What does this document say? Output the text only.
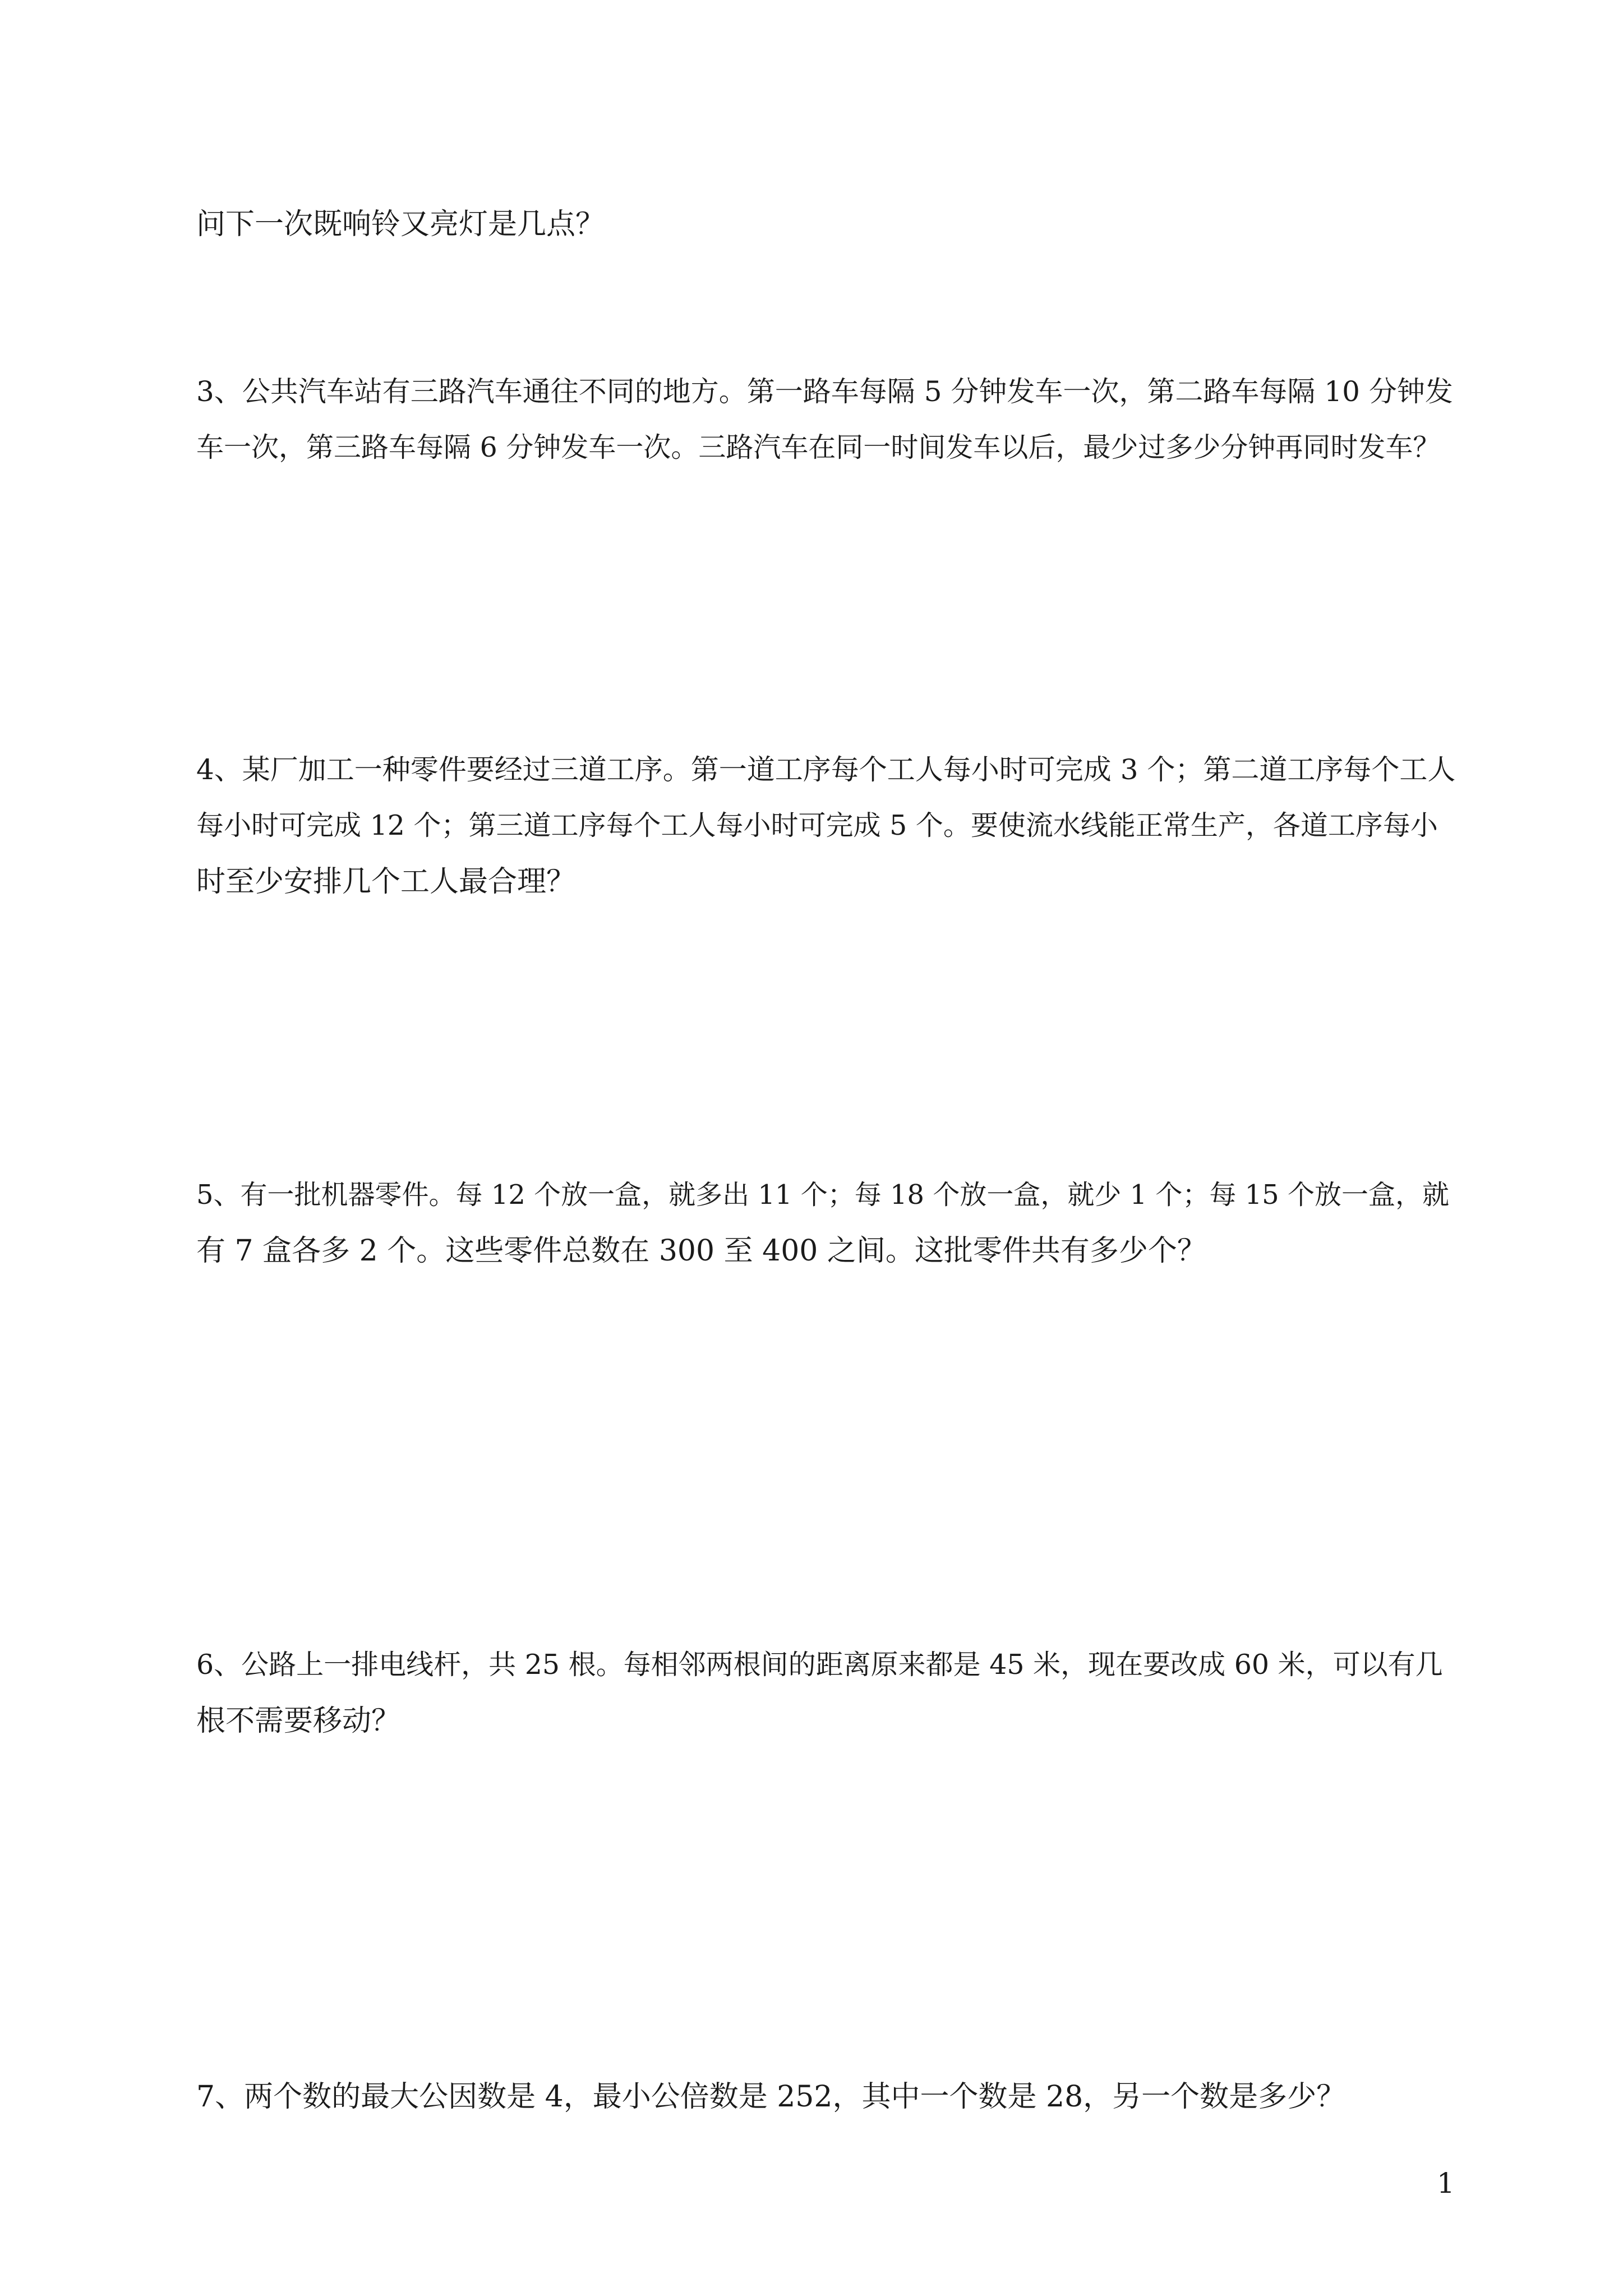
问下一次既响铃又亮灯是几点？

3、公共汽车站有三路汽车通往不同的地方。第一路车每隔 5 分钟发车一次，第二路车每隔 10 分钟发
车一次，第三路车每隔 6 分钟发车一次。三路汽车在同一时间发车以后，最少过多少分钟再同时发车？

4、某厂加工一种零件要经过三道工序。第一道工序每个工人每小时可完成 3 个；第二道工序每个工人
每小时可完成 12 个；第三道工序每个工人每小时可完成 5 个。要使流水线能正常生产，各道工序每小
时至少安排几个工人最合理？

5、有一批机器零件。每 12 个放一盒，就多出 11 个；每 18 个放一盒，就少 1 个；每 15 个放一盒，就
有 7 盒各多 2 个。这些零件总数在 300 至 400 之间。这批零件共有多少个？

6、公路上一排电线杆，共 25 根。每相邻两根间的距离原来都是 45 米，现在要改成 60 米，可以有几
根不需要移动？

7、两个数的最大公因数是 4，最小公倍数是 252，其中一个数是 28，另一个数是多少？

1
